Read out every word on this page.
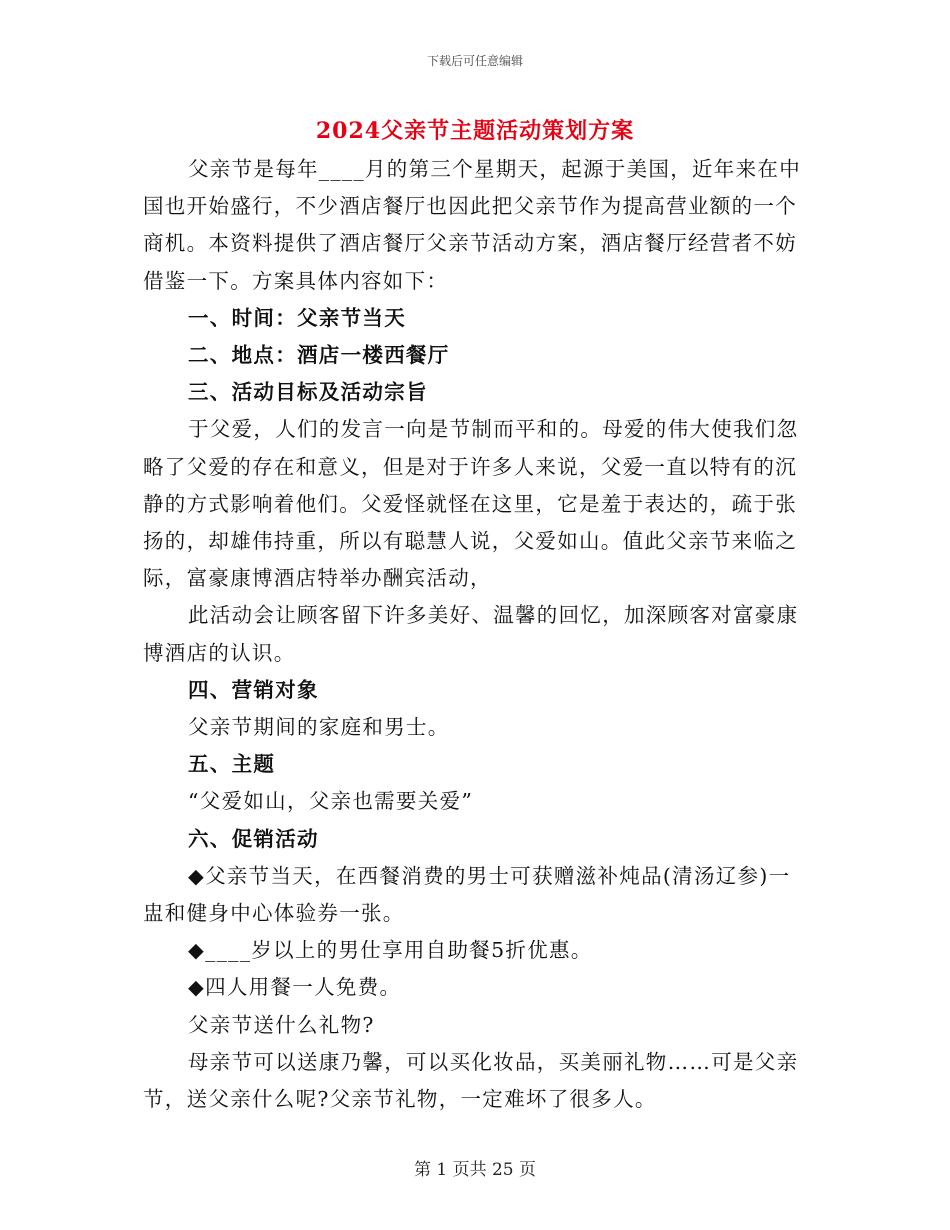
下载后可任意编辑
2024父亲节主题活动策划方案

父亲节是每年____月的第三个星期天，起源于美国，近年来在中国也开始盛行，不少酒店餐厅也因此把父亲节作为提高营业额的一个商机。本资料提供了酒店餐厅父亲节活动方案，酒店餐厅经营者不妨借鉴一下。方案具体内容如下：

一、时间：父亲节当天

二、地点：酒店一楼西餐厅

三、活动目标及活动宗旨

于父爱，人们的发言一向是节制而平和的。母爱的伟大使我们忽略了父爱的存在和意义，但是对于许多人来说，父爱一直以特有的沉静的方式影响着他们。父爱怪就怪在这里，它是羞于表达的，疏于张扬的，却雄伟持重，所以有聪慧人说，父爱如山。值此父亲节来临之际，富豪康博酒店特举办酬宾活动，

此活动会让顾客留下许多美好、温馨的回忆，加深顾客对富豪康博酒店的认识。

四、营销对象

父亲节期间的家庭和男士。

五、主题

“父爱如山，父亲也需要关爱”

六、促销活动

◆父亲节当天，在西餐消费的男士可获赠滋补炖品(清汤辽参)一盅和健身中心体验券一张。

◆____岁以上的男仕享用自助餐5折优惠。

◆四人用餐一人免费。

父亲节送什么礼物?

母亲节可以送康乃馨，可以买化妆品，买美丽礼物……可是父亲节，送父亲什么呢?父亲节礼物，一定难坏了很多人。

第 1 页共 25 页
